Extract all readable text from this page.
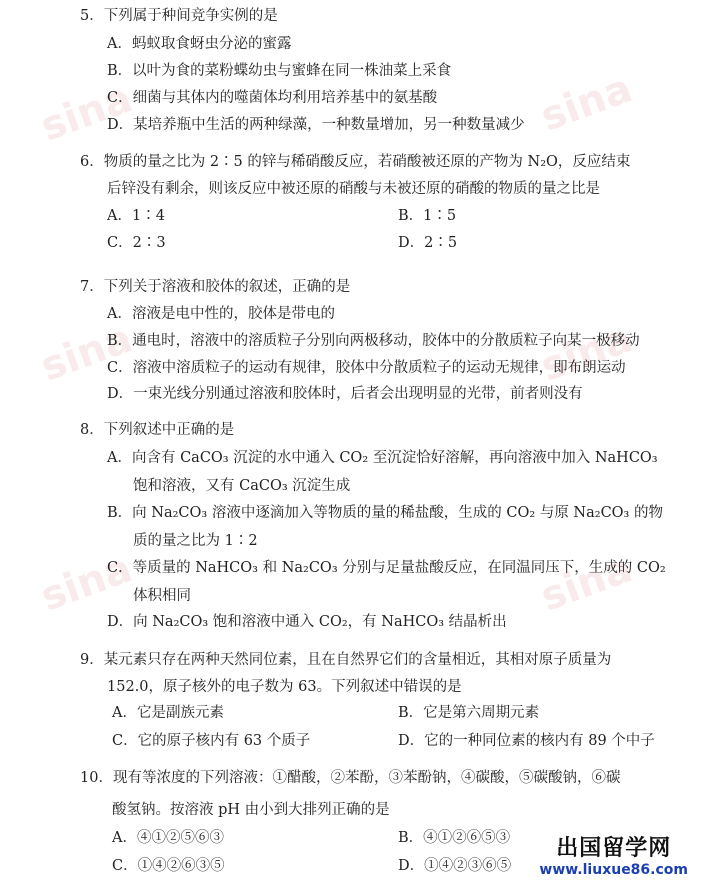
sina	sina
sina	sina
sina	sina
5．下列属于种间竞争实例的是
A．蚂蚁取食蚜虫分泌的蜜露
B．以叶为食的菜粉蝶幼虫与蜜蜂在同一株油菜上采食
C．细菌与其体内的噬菌体均利用培养基中的氨基酸
D．某培养瓶中生活的两种绿藻，一种数量增加，另一种数量减少
6．物质的量之比为 2∶5 的锌与稀硝酸反应，若硝酸被还原的产物为 N₂O，反应结束
后锌没有剩余，则该反应中被还原的硝酸与未被还原的硝酸的物质的量之比是
A．1∶4	B．1∶5
C．2∶3	D．2∶5
7．下列关于溶液和胶体的叙述，正确的是
A．溶液是电中性的，胶体是带电的
B．通电时，溶液中的溶质粒子分别向两极移动，胶体中的分散质粒子向某一极移动
C．溶液中溶质粒子的运动有规律，胶体中分散质粒子的运动无规律，即布朗运动
D．一束光线分别通过溶液和胶体时，后者会出现明显的光带，前者则没有
8．下列叙述中正确的是
A．向含有 CaCO₃ 沉淀的水中通入 CO₂ 至沉淀恰好溶解，再向溶液中加入 NaHCO₃
饱和溶液，又有 CaCO₃ 沉淀生成
B．向 Na₂CO₃ 溶液中逐滴加入等物质的量的稀盐酸，生成的 CO₂ 与原 Na₂CO₃ 的物
质的量之比为 1∶2
C．等质量的 NaHCO₃ 和 Na₂CO₃ 分别与足量盐酸反应，在同温同压下，生成的 CO₂
体积相同
D．向 Na₂CO₃ 饱和溶液中通入 CO₂，有 NaHCO₃ 结晶析出
9．某元素只存在两种天然同位素，且在自然界它们的含量相近，其相对原子质量为
152.0，原子核外的电子数为 63。下列叙述中错误的是
A．它是副族元素	B．它是第六周期元素
C．它的原子核内有 63 个质子	D．它的一种同位素的核内有 89 个中子
10．现有等浓度的下列溶液：①醋酸，②苯酚，③苯酚钠，④碳酸，⑤碳酸钠，⑥碳
酸氢钠。按溶液 pH 由小到大排列正确的是
A．④①②⑤⑥③	B．④①②⑥⑤③
C．①④②⑥③⑤	D．①④②③⑥⑤
出国留学网
www.liuxue86.com
